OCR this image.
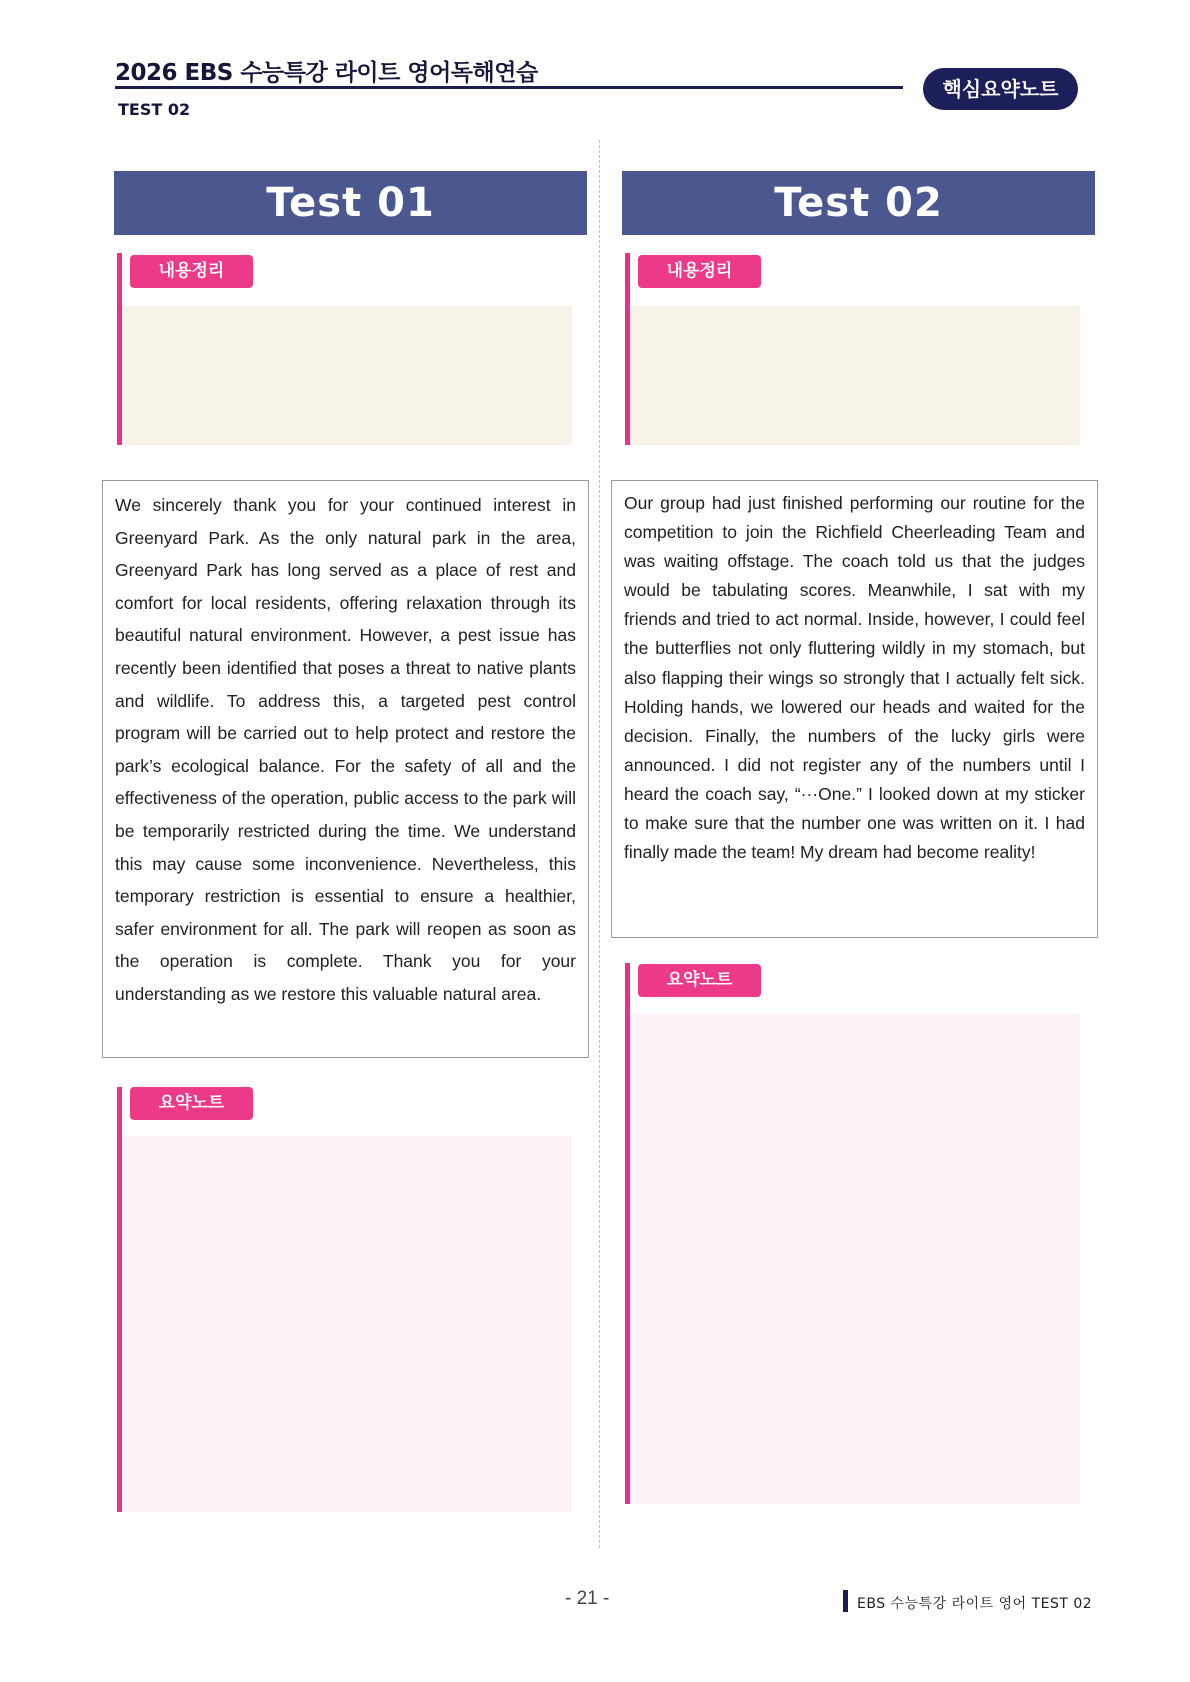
2026 EBS 수능특강 라이트 영어독해연습
TEST 02
핵심요약노트
Test 01
내용정리

We sincerely thank you for your continued interest in Greenyard Park. As the only natural park in the area, Greenyard Park has long served as a place of rest and comfort for local residents, offering relaxation through its beautiful natural environment. However, a pest issue has recently been identified that poses a threat to native plants and wildlife. To address this, a targeted pest control program will be carried out to help protect and restore the park’s ecological balance. For the safety of all and the effectiveness of the operation, public access to the park will be temporarily restricted during the time. We understand this may cause some inconvenience. Nevertheless, this temporary restriction is essential to ensure a healthier, safer environment for all. The park will reopen as soon as the operation is complete. Thank you for your understanding as we restore this valuable natural area.

요약노트
Test 02
내용정리

Our group had just finished performing our routine for the competition to join the Richfield Cheerleading Team and was waiting offstage. The coach told us that the judges would be tabulating scores. Meanwhile, I sat with my friends and tried to act normal. Inside, however, I could feel the butterflies not only fluttering wildly in my stomach, but also flapping their wings so strongly that I actually felt sick. Holding hands, we lowered our heads and waited for the decision. Finally, the numbers of the lucky girls were announced. I did not register any of the numbers until I heard the coach say, “···One.” I looked down at my sticker to make sure that the number one was written on it. I had finally made the team! My dream had become reality!

요약노트
- 21 -	EBS 수능특강 라이트 영어 TEST 02
